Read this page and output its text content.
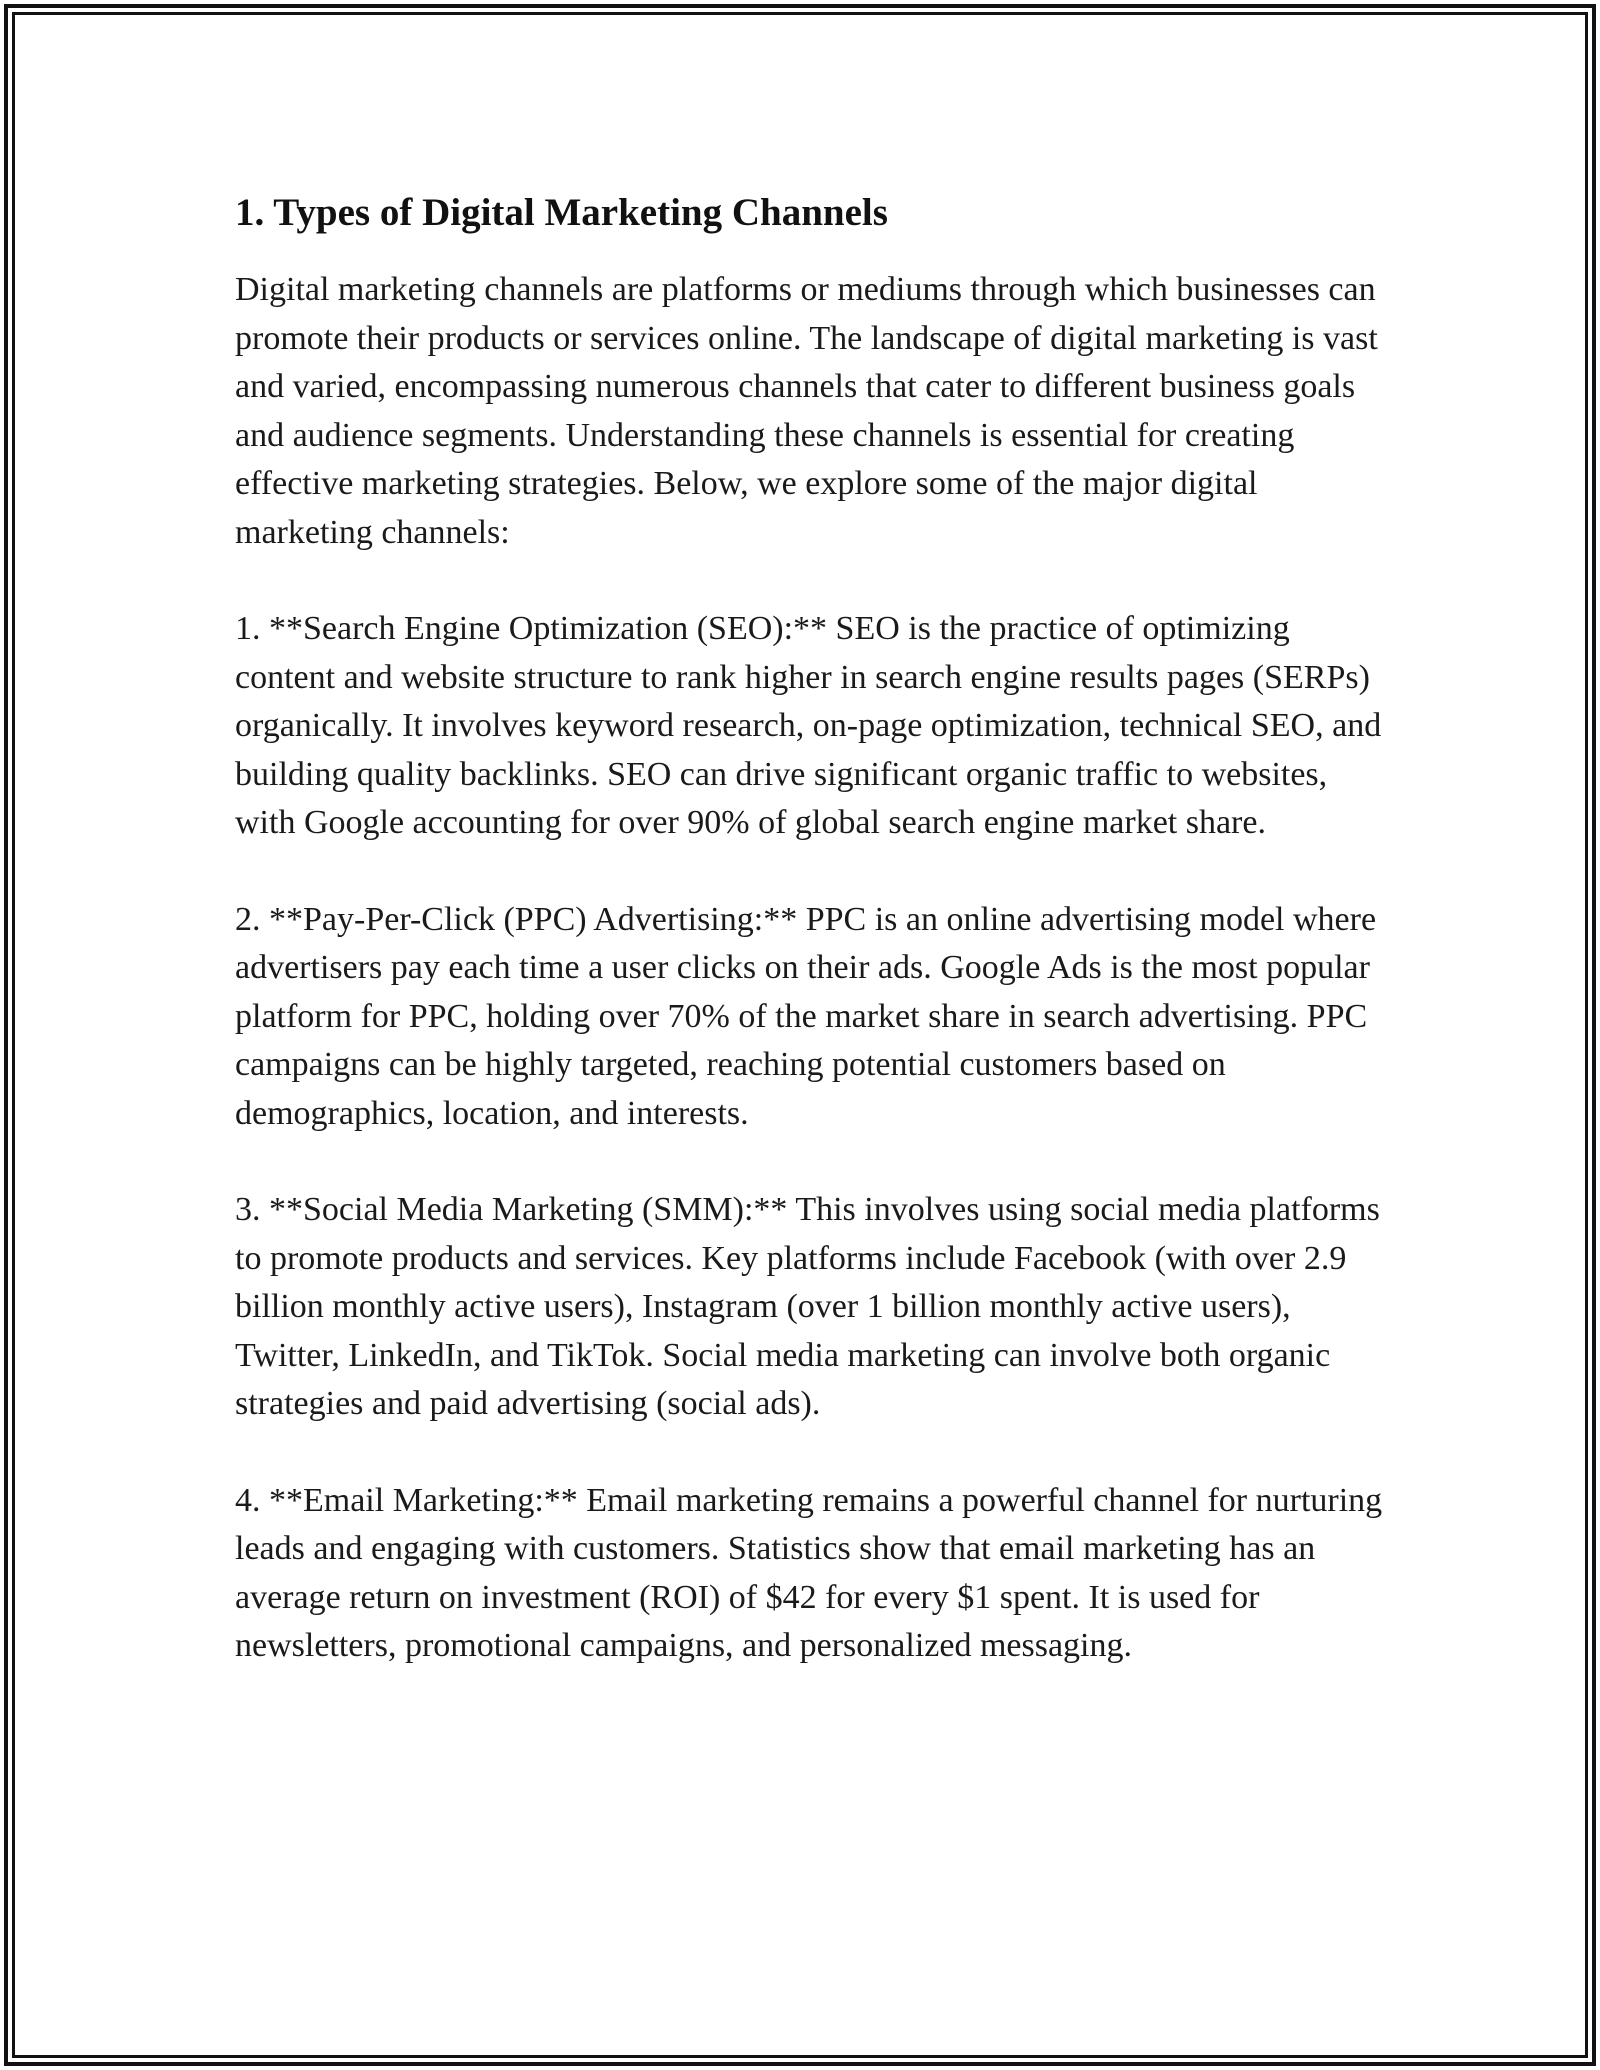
1. Types of Digital Marketing Channels

Digital marketing channels are platforms or mediums through which businesses can promote their products or services online. The landscape of digital marketing is vast and varied, encompassing numerous channels that cater to different business goals and audience segments. Understanding these channels is essential for creating effective marketing strategies. Below, we explore some of the major digital marketing channels:

1. **Search Engine Optimization (SEO):** SEO is the practice of optimizing content and website structure to rank higher in search engine results pages (SERPs) organically. It involves keyword research, on-page optimization, technical SEO, and building quality backlinks. SEO can drive significant organic traffic to websites, with Google accounting for over 90% of global search engine market share.

2. **Pay-Per-Click (PPC) Advertising:** PPC is an online advertising model where advertisers pay each time a user clicks on their ads. Google Ads is the most popular platform for PPC, holding over 70% of the market share in search advertising. PPC campaigns can be highly targeted, reaching potential customers based on demographics, location, and interests.

3. **Social Media Marketing (SMM):** This involves using social media platforms to promote products and services. Key platforms include Facebook (with over 2.9 billion monthly active users), Instagram (over 1 billion monthly active users), Twitter, LinkedIn, and TikTok. Social media marketing can involve both organic strategies and paid advertising (social ads).

4. **Email Marketing:** Email marketing remains a powerful channel for nurturing leads and engaging with customers. Statistics show that email marketing has an average return on investment (ROI) of $42 for every $1 spent. It is used for newsletters, promotional campaigns, and personalized messaging.
